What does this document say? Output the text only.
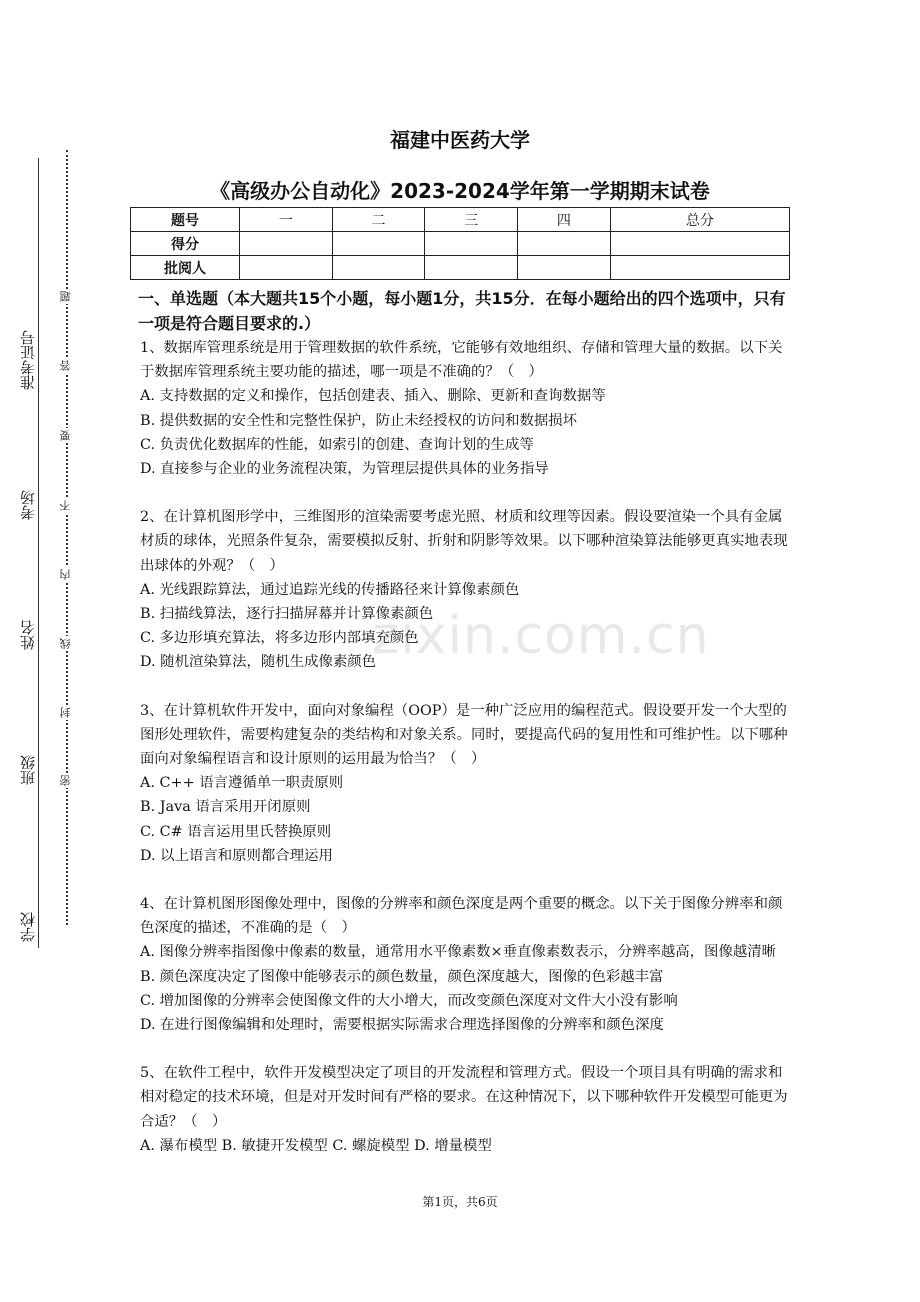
准考证号
考场
姓名
班级
学校
题
答
要
不
内
线
封
密
zixin.com.cn
福建中医药大学
《高级办公自动化》2023-2024学年第一学期期末试卷
题号	一	二	三	四	总分
得分					
批阅人					
一、单选题（本大题共15个小题，每小题1分，共15分．在每小题给出的四个选项中，只有一项是符合题目要求的.）

1、数据库管理系统是用于管理数据的软件系统，它能够有效地组织、存储和管理大量的数据。以下关于数据库管理系统主要功能的描述，哪一项是不准确的？（　）

A. 支持数据的定义和操作，包括创建表、插入、删除、更新和查询数据等

B. 提供数据的安全性和完整性保护，防止未经授权的访问和数据损坏

C. 负责优化数据库的性能，如索引的创建、查询计划的生成等

D. 直接参与企业的业务流程决策，为管理层提供具体的业务指导

2、在计算机图形学中，三维图形的渲染需要考虑光照、材质和纹理等因素。假设要渲染一个具有金属材质的球体，光照条件复杂，需要模拟反射、折射和阴影等效果。以下哪种渲染算法能够更真实地表现出球体的外观？（　）

A. 光线跟踪算法，通过追踪光线的传播路径来计算像素颜色

B. 扫描线算法，逐行扫描屏幕并计算像素颜色

C. 多边形填充算法，将多边形内部填充颜色

D. 随机渲染算法，随机生成像素颜色

3、在计算机软件开发中，面向对象编程（OOP）是一种广泛应用的编程范式。假设要开发一个大型的图形处理软件，需要构建复杂的类结构和对象关系。同时，要提高代码的复用性和可维护性。以下哪种面向对象编程语言和设计原则的运用最为恰当？（　）

A. C++ 语言遵循单一职责原则

B. Java 语言采用开闭原则

C. C# 语言运用里氏替换原则

D. 以上语言和原则都合理运用

4、在计算机图形图像处理中，图像的分辨率和颜色深度是两个重要的概念。以下关于图像分辨率和颜色深度的描述，不准确的是（　）

A. 图像分辨率指图像中像素的数量，通常用水平像素数×垂直像素数表示，分辨率越高，图像越清晰

B. 颜色深度决定了图像中能够表示的颜色数量，颜色深度越大，图像的色彩越丰富

C. 增加图像的分辨率会使图像文件的大小增大，而改变颜色深度对文件大小没有影响

D. 在进行图像编辑和处理时，需要根据实际需求合理选择图像的分辨率和颜色深度

5、在软件工程中，软件开发模型决定了项目的开发流程和管理方式。假设一个项目具有明确的需求和相对稳定的技术环境，但是对开发时间有严格的要求。在这种情况下，以下哪种软件开发模型可能更为合适？（　）

A. 瀑布模型 B. 敏捷开发模型 C. 螺旋模型 D. 增量模型

第1页，共6页
